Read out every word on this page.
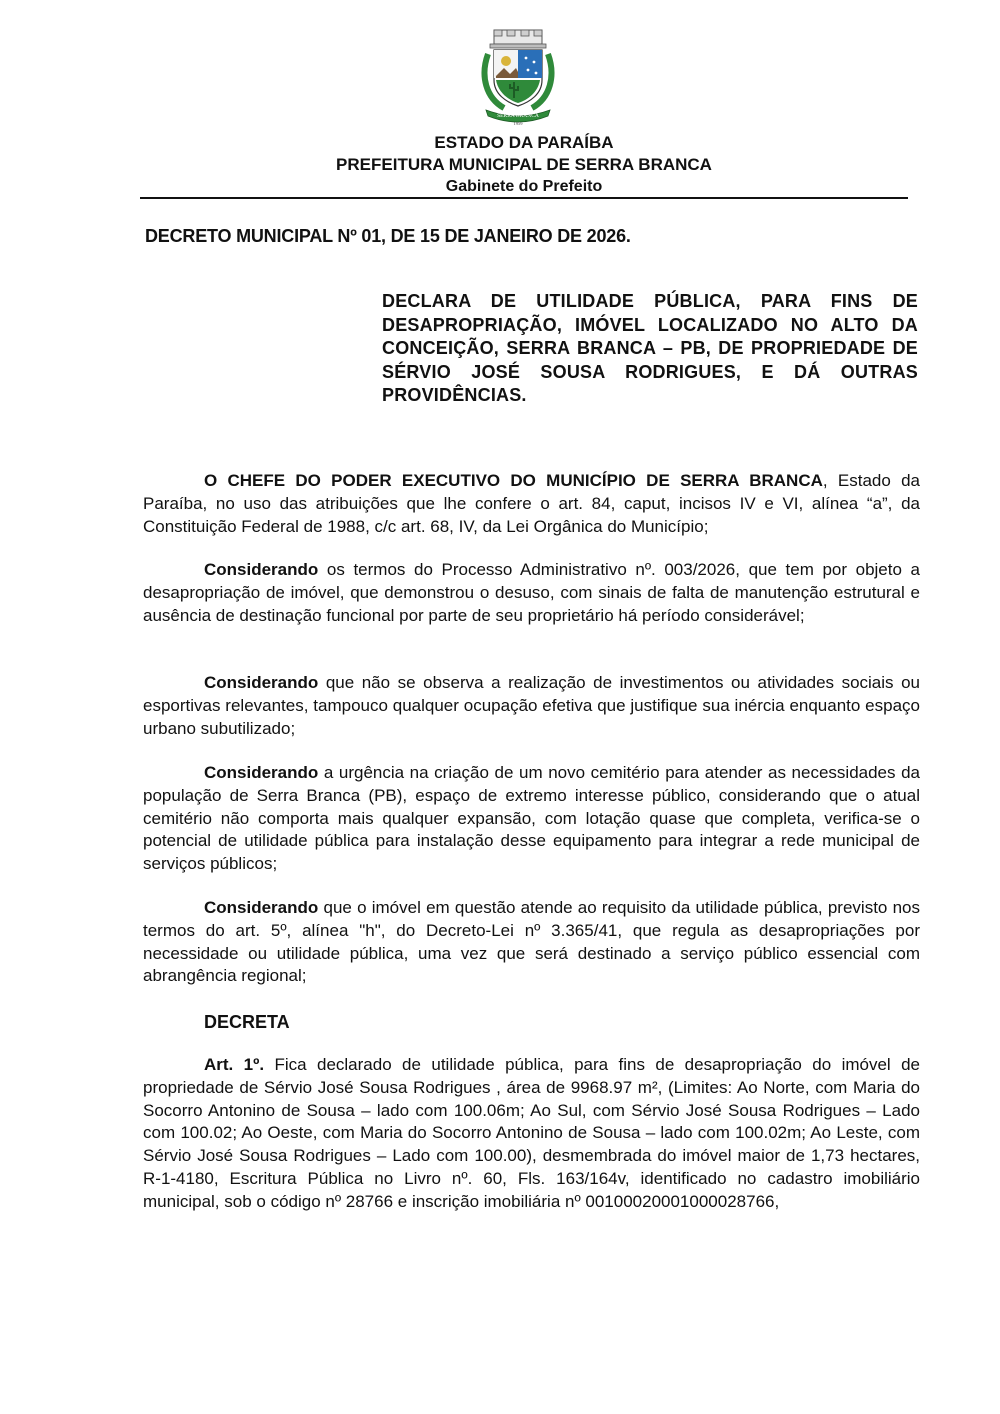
SERRA BRANCA
1959
ESTADO DA PARAÍBA
PREFEITURA MUNICIPAL DE SERRA BRANCA
Gabinete do Prefeito
DECRETO MUNICIPAL Nº 01, DE 15 DE JANEIRO DE 2026.
DECLARA DE UTILIDADE PÚBLICA, PARA FINS DE DESAPROPRIAÇÃO, IMÓVEL LOCALIZADO NO ALTO DA CONCEIÇÃO, SERRA BRANCA – PB, DE PROPRIEDADE DE SÉRVIO JOSÉ SOUSA RODRIGUES, E DÁ OUTRAS PROVIDÊNCIAS.

O CHEFE DO PODER EXECUTIVO DO MUNICÍPIO DE SERRA BRANCA, Estado da Paraíba, no uso das atribuições que lhe confere o art. 84, caput, incisos IV e VI, alínea “a”, da Constituição Federal de 1988, c/c art. 68, IV, da Lei Orgânica do Município;

Considerando os termos do Processo Administrativo nº. 003/2026, que tem por objeto a desapropriação de imóvel, que demonstrou o desuso, com sinais de falta de manutenção estrutural e ausência de destinação funcional por parte de seu proprietário há período considerável;

Considerando que não se observa a realização de investimentos ou atividades sociais ou esportivas relevantes, tampouco qualquer ocupação efetiva que justifique sua inércia enquanto espaço urbano subutilizado;

Considerando a urgência na criação de um novo cemitério para atender as necessidades da população de Serra Branca (PB), espaço de extremo interesse público, considerando que o atual cemitério não comporta mais qualquer expansão, com lotação quase que completa, verifica-se o potencial de utilidade pública para instalação desse equipamento para integrar a rede municipal de serviços públicos;

Considerando que o imóvel em questão atende ao requisito da utilidade pública, previsto nos termos do art. 5º, alínea "h", do Decreto-Lei nº 3.365/41, que regula as desapropriações por necessidade ou utilidade pública, uma vez que será destinado a serviço público essencial com abrangência regional;

DECRETA

Art. 1º. Fica declarado de utilidade pública, para fins de desapropriação do imóvel de propriedade de Sérvio José Sousa Rodrigues , área de 9968.97 m², (Limites: Ao Norte, com Maria do Socorro Antonino de Sousa – lado com 100.06m; Ao Sul, com Sérvio José Sousa Rodrigues – Lado com 100.02; Ao Oeste, com Maria do Socorro Antonino de Sousa – lado com 100.02m; Ao Leste, com Sérvio José Sousa Rodrigues – Lado com 100.00), desmembrada do imóvel maior de 1,73 hectares, R-1-4180, Escritura Pública no Livro nº. 60, Fls. 163/164v, identificado no cadastro imobiliário municipal, sob o código nº 28766 e inscrição imobiliária nº 00100020001000028766,
